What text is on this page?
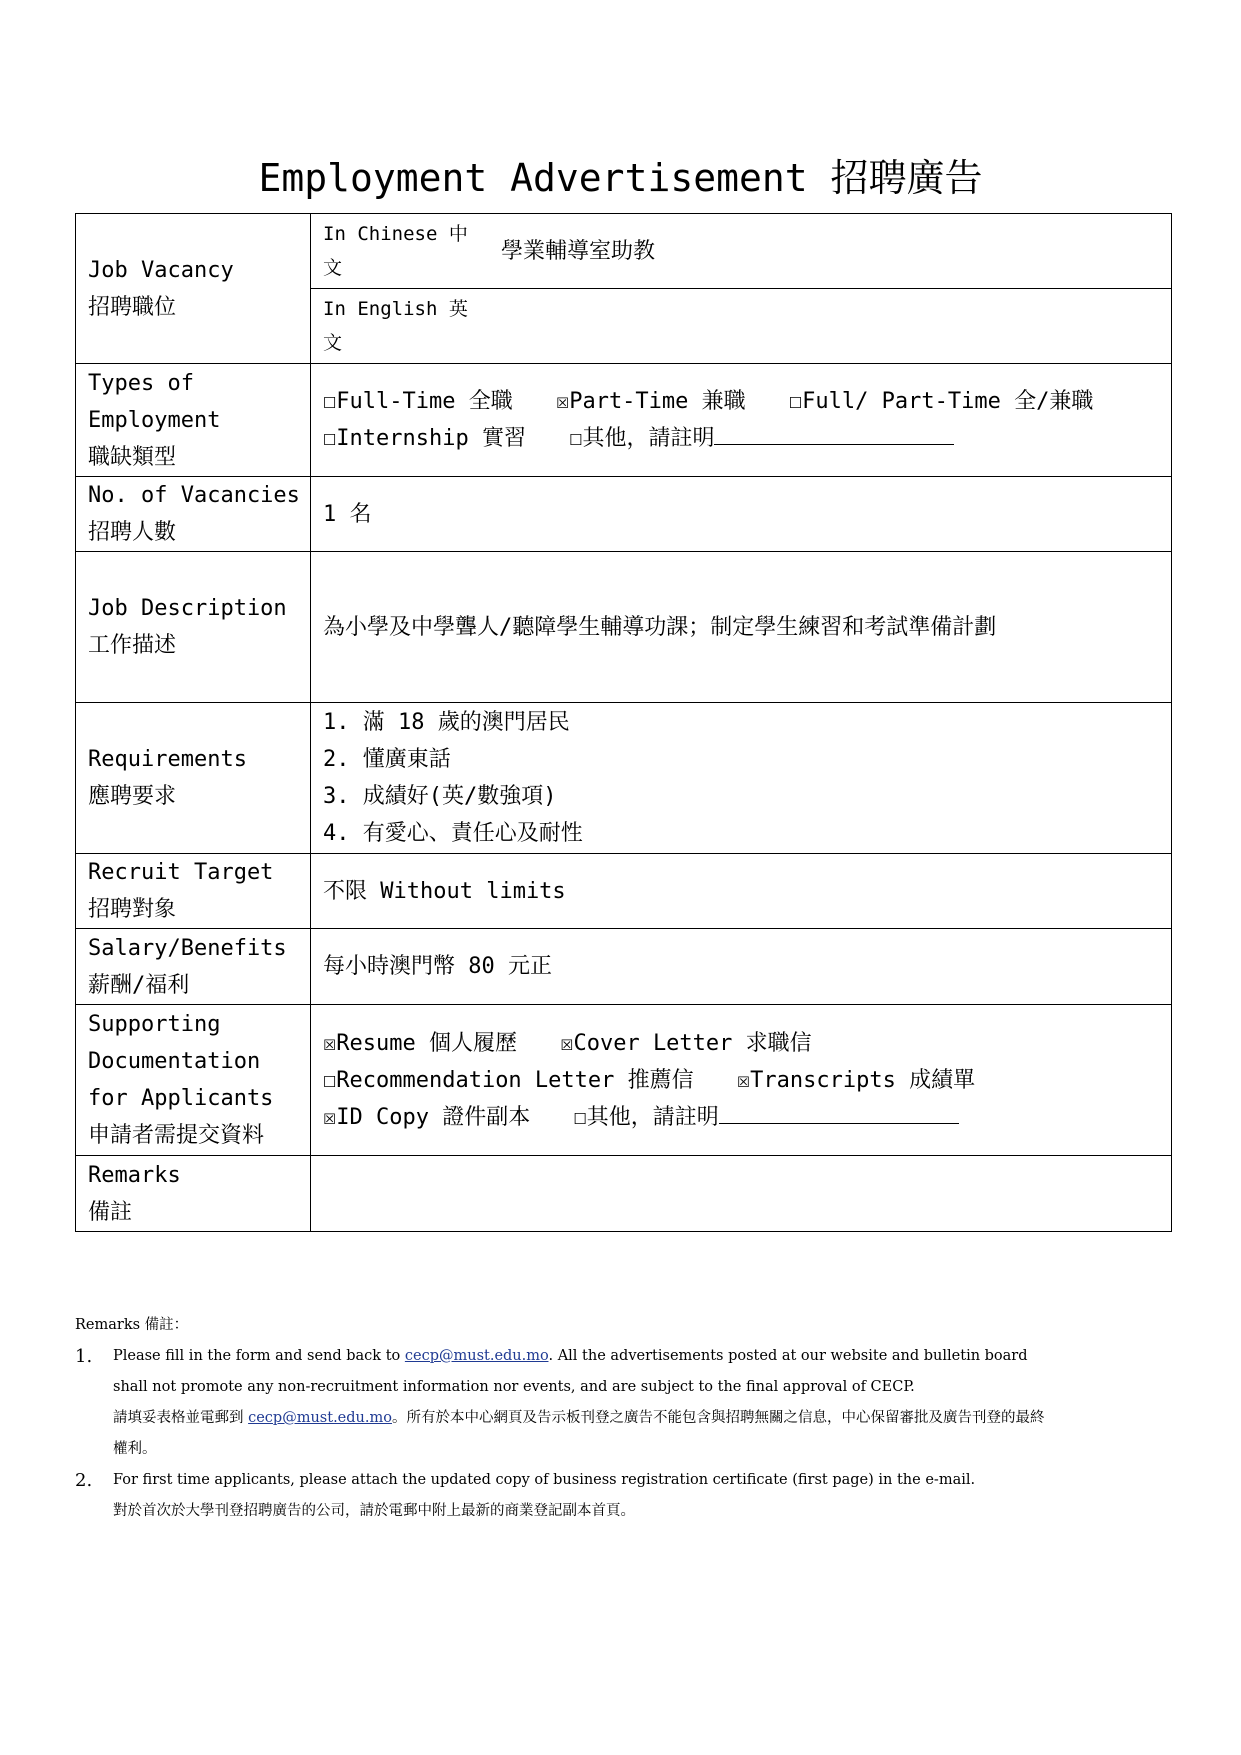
Employment Advertisement 招聘廣告
Job Vacancy
招聘職位	In Chinese 中
文
學業輔導室助教

	In English 英
文

Types of
Employment
職缺類型	☐Full-Time 全職 ☒Part-Time 兼職 ☐Full/ Part-Time 全/兼職
☐Internship 實習 ☐其他，請註明

No. of Vacancies
招聘人數	1 名

Job Description
工作描述	為小學及中學聾人/聽障學生輔導功課；制定學生練習和考試準備計劃

Requirements
應聘要求	1. 滿 18 歲的澳門居民
2. 懂廣東話
3. 成績好(英/數強項)
4. 有愛心、責任心及耐性

Recruit Target
招聘對象	不限 Without limits

Salary/Benefits
薪酬/福利	每小時澳門幣 80 元正

Supporting
Documentation
for Applicants
申請者需提交資料	☒Resume 個人履歷 ☒Cover Letter 求職信
☐Recommendation Letter 推薦信 ☒Transcripts 成績單
☒ID Copy 證件副本 ☐其他，請註明

Remarks
備註	

Remarks 備註：
1. Please fill in the form and send back to cecp@must.edu.mo. All the advertisements posted at our website and bulletin board
shall not promote any non-recruitment information nor events, and are subject to the final approval of CECP.
請填妥表格並電郵到 cecp@must.edu.mo。所有於本中心網頁及告示板刊登之廣告不能包含與招聘無關之信息，中心保留審批及廣告刊登的最終
權利。
2. For first time applicants, please attach the updated copy of business registration certificate (first page) in the e-mail.
對於首次於大學刊登招聘廣告的公司，請於電郵中附上最新的商業登記副本首頁。
